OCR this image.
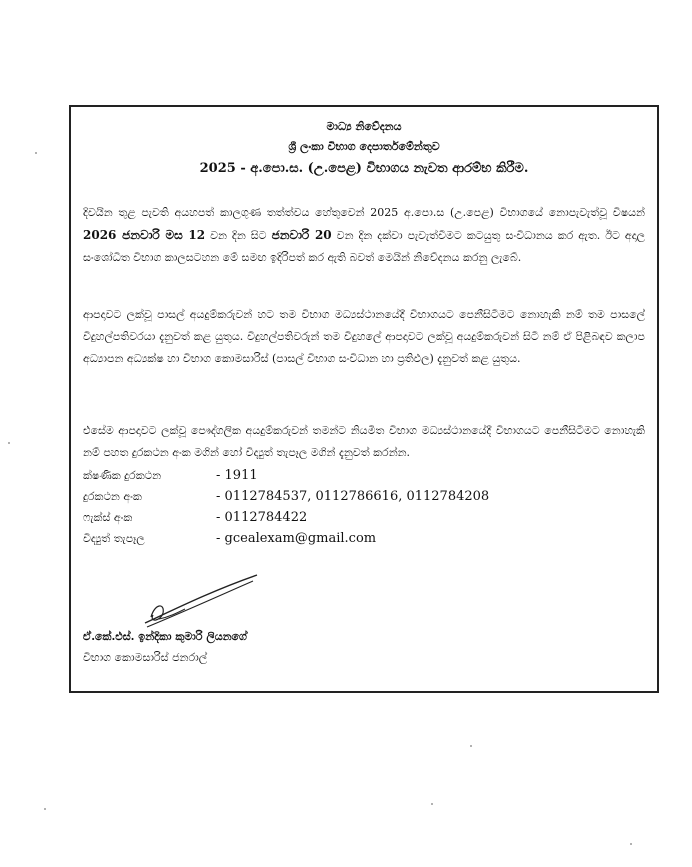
මාධ්‍ය නිවේදනය
ශ්‍රී ලංකා විභාග දෙපාර්තමේන්තුව
2025 - අ.පො.ස. (උ.පෙළ) විභාගය නැවත ආරම්භ කිරීම.
දිවයින තුළ පැවති අයහපත් කාලගුණ තත්ත්වය හේතුවෙන් 2025 අ.පො.ස (උ.පෙළ) විභාගයේ නොපැවැත්වූ විෂයන් 2026 ජනවාරි මස 12 වන දින සිට ජනවාරි 20 වන දින දක්වා පැවැත්වීමට කටයුතු සංවිධානය කර ඇත. ඊට අදාල සංශෝධිත විභාග කාලසටහන මේ සමඟ ඉදිරිපත් කර ඇති බවත් මෙයින් නිවේදනය කරනු ලැබේ.
ආපදාවට ලක්වූ පාසල් අයදුම්කරුවන් හට තම විභාග මධ්‍යස්ථානයේදී විභාගයට පෙනීසිටීමට නොහැකි නම් තම පාසලේ විදුහල්පතිවරයා දැනුවත් කළ යුතුය. විදුහල්පතිවරුන් තම විදුහලේ ආපදාවට ලක්වූ අයදුම්කරුවන් සිටී නම් ඒ පිළිබඳව කලාප අධ්‍යාපන අධ්‍යක්ෂ හා විභාග කොමසාරිස් (පාසල් විභාග සංවිධාන හා ප්‍රතිඵල) දැනුවත් කළ යුතුය.
එසේම ආපදාවට ලක්වූ පෞද්ගලික අයදුම්කරුවන් තමන්ට නියමිත විභාග මධ්‍යස්ථානයේදී විභාගයට පෙනීසිටීමට නොහැකි නම් පහත දුරකථන අංක මගින් හෝ විද්‍යුත් තැපෑල මගින් දැනුවත් කරන්න.
ක්ෂණික දුරකථන	- 1911
දුරකථන අංක	- 0112784537, 0112786616, 0112784208
ෆැක්ස් අංක	- 0112784422
විද්‍යුත් තැපෑල	- gcealexam@gmail.com
ඒ.කේ.එස්. ඉන්දිකා කුමාරි ලියනගේ
විභාග කොමසාරිස් ජනරාල්
